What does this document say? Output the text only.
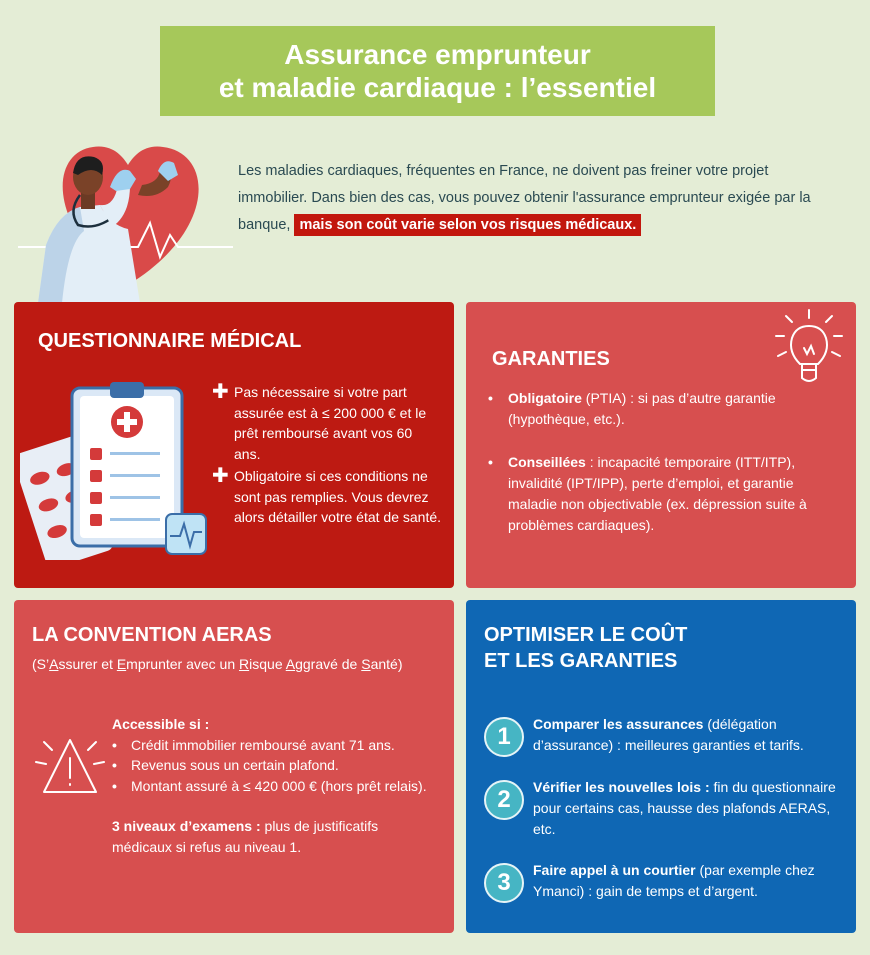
Assurance emprunteur
et maladie cardiaque : l’essentiel
Les maladies cardiaques, fréquentes en France, ne doivent pas freiner votre projet immobilier. Dans bien des cas, vous pouvez obtenir l'assurance emprunteur exigée par la banque, mais son coût varie selon vos risques médicaux.
QUESTIONNAIRE MÉDICAL
✚ Pas nécessaire si votre part assurée est à ≤ 200 000 € et le prêt remboursé avant vos 60 ans.
✚ Obligatoire si ces conditions ne sont pas remplies. Vous devrez alors détailler votre état de santé.
GARANTIES
•	Obligatoire (PTIA) : si pas d’autre garantie (hypothèque, etc.).
•	Conseillées : incapacité temporaire (ITT/ITP), invalidité (IPT/IPP), perte d’emploi, et garantie maladie non objectivable (ex. dépression suite à problèmes cardiaques).
LA CONVENTION AERAS
(S’Assurer et Emprunter avec un Risque Aggravé de Santé)
Accessible si :
•	Crédit immobilier remboursé avant 71 ans.
•	Revenus sous un certain plafond.
•	Montant assuré à ≤ 420 000 € (hors prêt relais).
3 niveaux d’examens : plus de justificatifs médicaux si refus au niveau 1.
OPTIMISER LE COÛT
ET LES GARANTIES
1	Comparer les assurances (délégation d’assurance) : meilleures garanties et tarifs.
2	Vérifier les nouvelles lois : fin du questionnaire pour certains cas, hausse des plafonds AERAS, etc.
3	Faire appel à un courtier (par exemple chez Ymanci) : gain de temps et d’argent.
